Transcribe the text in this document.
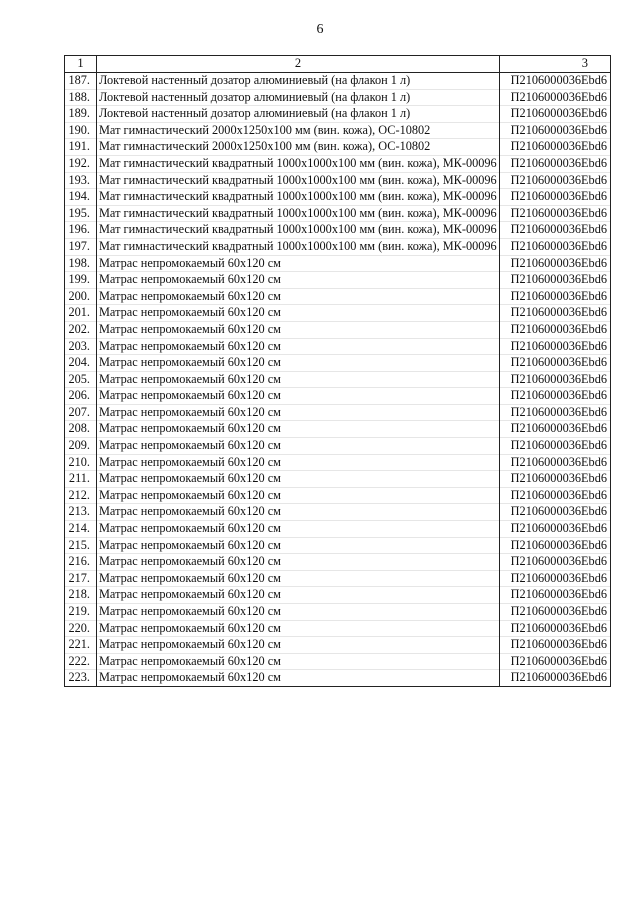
6
1	2	3
187.	Локтевой настенный дозатор алюминиевый (на флакон 1 л)	П2106000036Ebd6
188.	Локтевой настенный дозатор алюминиевый (на флакон 1 л)	П2106000036Ebd6
189.	Локтевой настенный дозатор алюминиевый (на флакон 1 л)	П2106000036Ebd6
190.	Мат гимнастический 2000х1250х100 мм (вин. кожа), ОС-10802	П2106000036Ebd6
191.	Мат гимнастический 2000х1250х100 мм (вин. кожа), ОС-10802	П2106000036Ebd6
192.	Мат гимнастический квадратный 1000х1000х100 мм (вин. кожа), МК-00096	П2106000036Ebd6
193.	Мат гимнастический квадратный 1000х1000х100 мм (вин. кожа), МК-00096	П2106000036Ebd6
194.	Мат гимнастический квадратный 1000х1000х100 мм (вин. кожа), МК-00096	П2106000036Ebd6
195.	Мат гимнастический квадратный 1000х1000х100 мм (вин. кожа), МК-00096	П2106000036Ebd6
196.	Мат гимнастический квадратный 1000х1000х100 мм (вин. кожа), МК-00096	П2106000036Ebd6
197.	Мат гимнастический квадратный 1000х1000х100 мм (вин. кожа), МК-00096	П2106000036Ebd6
198.	Матрас непромокаемый 60х120 см	П2106000036Ebd6
199.	Матрас непромокаемый 60х120 см	П2106000036Ebd6
200.	Матрас непромокаемый 60х120 см	П2106000036Ebd6
201.	Матрас непромокаемый 60х120 см	П2106000036Ebd6
202.	Матрас непромокаемый 60х120 см	П2106000036Ebd6
203.	Матрас непромокаемый 60х120 см	П2106000036Ebd6
204.	Матрас непромокаемый 60х120 см	П2106000036Ebd6
205.	Матрас непромокаемый 60х120 см	П2106000036Ebd6
206.	Матрас непромокаемый 60х120 см	П2106000036Ebd6
207.	Матрас непромокаемый 60х120 см	П2106000036Ebd6
208.	Матрас непромокаемый 60х120 см	П2106000036Ebd6
209.	Матрас непромокаемый 60х120 см	П2106000036Ebd6
210.	Матрас непромокаемый 60х120 см	П2106000036Ebd6
211.	Матрас непромокаемый 60х120 см	П2106000036Ebd6
212.	Матрас непромокаемый 60х120 см	П2106000036Ebd6
213.	Матрас непромокаемый 60х120 см	П2106000036Ebd6
214.	Матрас непромокаемый 60х120 см	П2106000036Ebd6
215.	Матрас непромокаемый 60х120 см	П2106000036Ebd6
216.	Матрас непромокаемый 60х120 см	П2106000036Ebd6
217.	Матрас непромокаемый 60х120 см	П2106000036Ebd6
218.	Матрас непромокаемый 60х120 см	П2106000036Ebd6
219.	Матрас непромокаемый 60х120 см	П2106000036Ebd6
220.	Матрас непромокаемый 60х120 см	П2106000036Ebd6
221.	Матрас непромокаемый 60х120 см	П2106000036Ebd6
222.	Матрас непромокаемый 60х120 см	П2106000036Ebd6
223.	Матрас непромокаемый 60х120 см	П2106000036Ebd6
